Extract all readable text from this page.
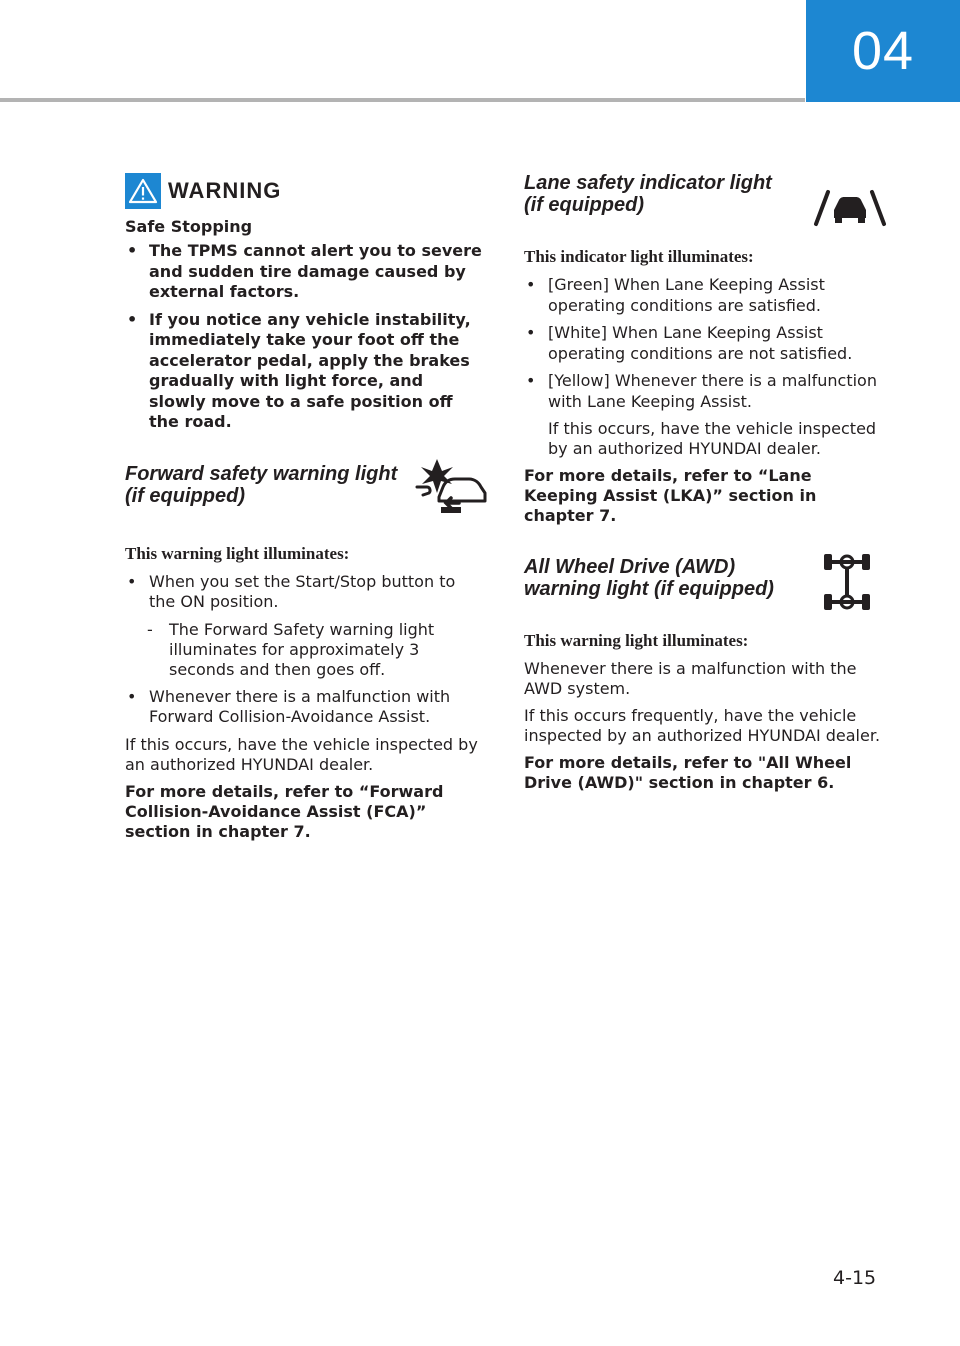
04
WARNING
Safe Stopping
• The TPMS cannot alert you to severe and sudden tire damage caused by external factors.
• If you notice any vehicle instability, immediately take your foot off the accelerator pedal, apply the brakes gradually with light force, and slowly move to a safe position off the road.
Forward safety warning light
(if equipped)
This warning light illuminates:
• When you set the Start/Stop button to the ON position.
- The Forward Safety warning light illuminates for approximately 3 seconds and then goes off.
• Whenever there is a malfunction with Forward Collision-Avoidance Assist.
If this occurs, have the vehicle inspected by an authorized HYUNDAI dealer.
For more details, refer to “Forward Collision-Avoidance Assist (FCA)” section in chapter 7.
Lane safety indicator light
(if equipped)
This indicator light illuminates:
• [Green] When Lane Keeping Assist operating conditions are satisfied.
• [White] When Lane Keeping Assist operating conditions are not satisfied.
• [Yellow] Whenever there is a malfunction with Lane Keeping Assist.
If this occurs, have the vehicle inspected by an authorized HYUNDAI dealer.
For more details, refer to “Lane Keeping Assist (LKA)” section in chapter 7.
All Wheel Drive (AWD)
warning light (if equipped)
This warning light illuminates:
Whenever there is a malfunction with the AWD system.
If this occurs frequently, have the vehicle inspected by an authorized HYUNDAI dealer.
For more details, refer to "All Wheel Drive (AWD)" section in chapter 6.
4-15
